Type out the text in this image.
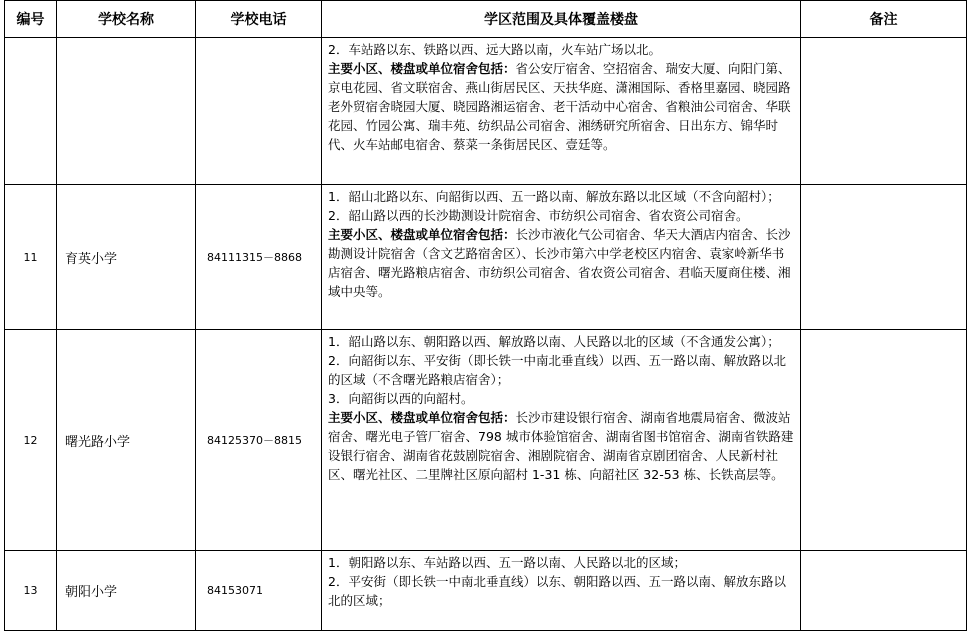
编号	学校名称	学校电话	学区范围及具体覆盖楼盘	备注

			2．车站路以东、铁路以西、远大路以南，火车站广场以北。
主要小区、楼盘或单位宿舍包括：省公安厅宿舍、空招宿舍、瑞安大厦、向阳门第、京电花园、省文联宿舍、燕山街居民区、天扶华庭、潇湘国际、香格里嘉园、晓园路老外贸宿舍晓园大厦、晓园路湘运宿舍、老干活动中心宿舍、省粮油公司宿舍、华联花园、竹园公寓、瑞丰苑、纺织品公司宿舍、湘绣研究所宿舍、日出东方、锦华时代、火车站邮电宿舍、蔡菜一条街居民区、壹廷等。	

11	育英小学	84111315－8868	1．韶山北路以东、向韶街以西、五一路以南、解放东路以北区域（不含向韶村）；
2．韶山路以西的长沙勘测设计院宿舍、市纺织公司宿舍、省农资公司宿舍。
主要小区、楼盘或单位宿舍包括：长沙市液化气公司宿舍、华天大酒店内宿舍、长沙勘测设计院宿舍（含文艺路宿舍区）、长沙市第六中学老校区内宿舍、袁家岭新华书店宿舍、曙光路粮店宿舍、市纺织公司宿舍、省农资公司宿舍、君临天厦商住楼、湘域中央等。	

12	曙光路小学	84125370－8815	1．韶山路以东、朝阳路以西、解放路以南、人民路以北的区域（不含通发公寓）；
2．向韶街以东、平安街（即长铁一中南北垂直线）以西、五一路以南、解放路以北的区域（不含曙光路粮店宿舍）；
3．向韶街以西的向韶村。
主要小区、楼盘或单位宿舍包括：长沙市建设银行宿舍、湖南省地震局宿舍、微波站宿舍、曙光电子管厂宿舍、798 城市体验馆宿舍、湖南省图书馆宿舍、湖南省铁路建设银行宿舍、湖南省花鼓剧院宿舍、湘剧院宿舍、湖南省京剧团宿舍、人民新村社区、曙光社区、二里牌社区原向韶村 1-31 栋、向韶社区 32-53 栋、长铁高层等。	

13	朝阳小学	84153071	1．朝阳路以东、车站路以西、五一路以南、人民路以北的区域；
2．平安街（即长铁一中南北垂直线）以东、朝阳路以西、五一路以南、解放东路以北的区域；	
